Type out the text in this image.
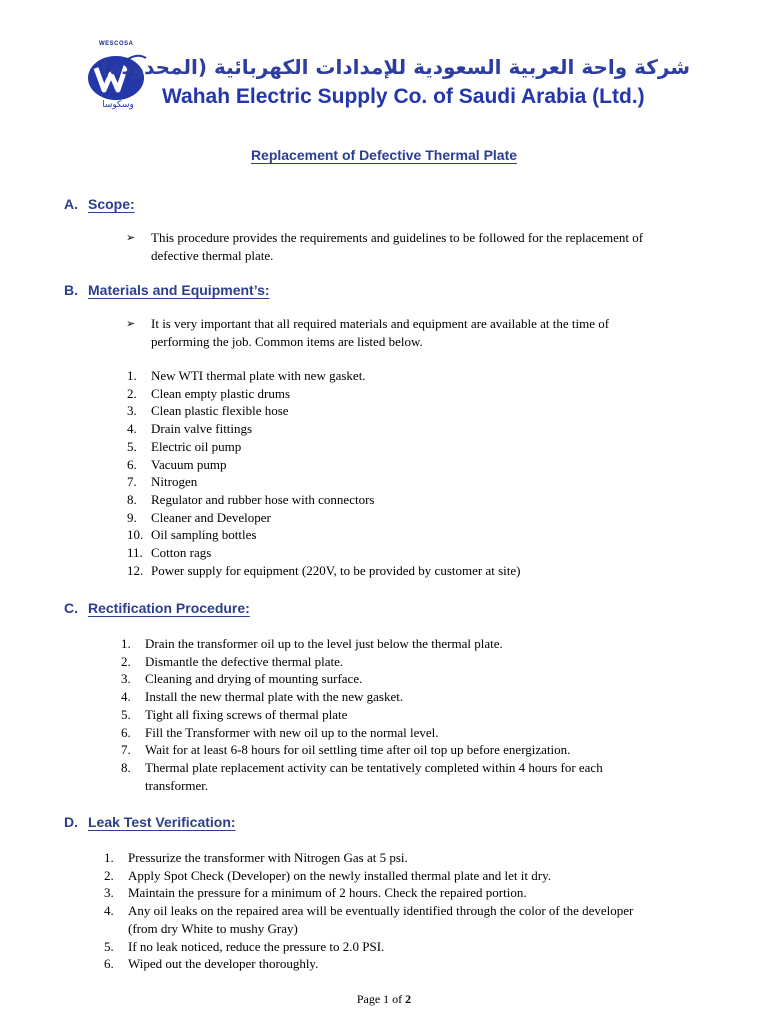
WESCOSA
وسكوسا
شركة واحة العربية السعودية للإمدادات الكهربائية (المحدودة)
Wahah Electric Supply Co. of Saudi Arabia (Ltd.)
Replacement of Defective Thermal Plate
A. Scope:
➢	This procedure provides the requirements and guidelines to be followed for the replacement of defective thermal plate.
B. Materials and Equipment’s:
➢	It is very important that all required materials and equipment are available at the time of performing the job. Common items are listed below.
1.	New WTI thermal plate with new gasket.
2.	Clean empty plastic drums
3.	Clean plastic flexible hose
4.	Drain valve fittings
5.	Electric oil pump
6.	Vacuum pump
7.	Nitrogen
8.	Regulator and rubber hose with connectors
9.	Cleaner and Developer
10. Oil sampling bottles
11. Cotton rags
12. Power supply for equipment (220V, to be provided by customer at site)
C. Rectification Procedure:
1.	Drain the transformer oil up to the level just below the thermal plate.
2.	Dismantle the defective thermal plate.
3.	Cleaning and drying of mounting surface.
4.	Install the new thermal plate with the new gasket.
5.	Tight all fixing screws of thermal plate
6.	Fill the Transformer with new oil up to the normal level.
7.	Wait for at least 6-8 hours for oil settling time after oil top up before energization.
8.	Thermal plate replacement activity can be tentatively completed within 4 hours for each transformer.
D. Leak Test Verification:
1.	Pressurize the transformer with Nitrogen Gas at 5 psi.
2.	Apply Spot Check (Developer) on the newly installed thermal plate and let it dry.
3.	Maintain the pressure for a minimum of 2 hours. Check the repaired portion.
4.	Any oil leaks on the repaired area will be eventually identified through the color of the developer (from dry White to mushy Gray)
5.	If no leak noticed, reduce the pressure to 2.0 PSI.
6.	Wiped out the developer thoroughly.
Page 1 of 2
